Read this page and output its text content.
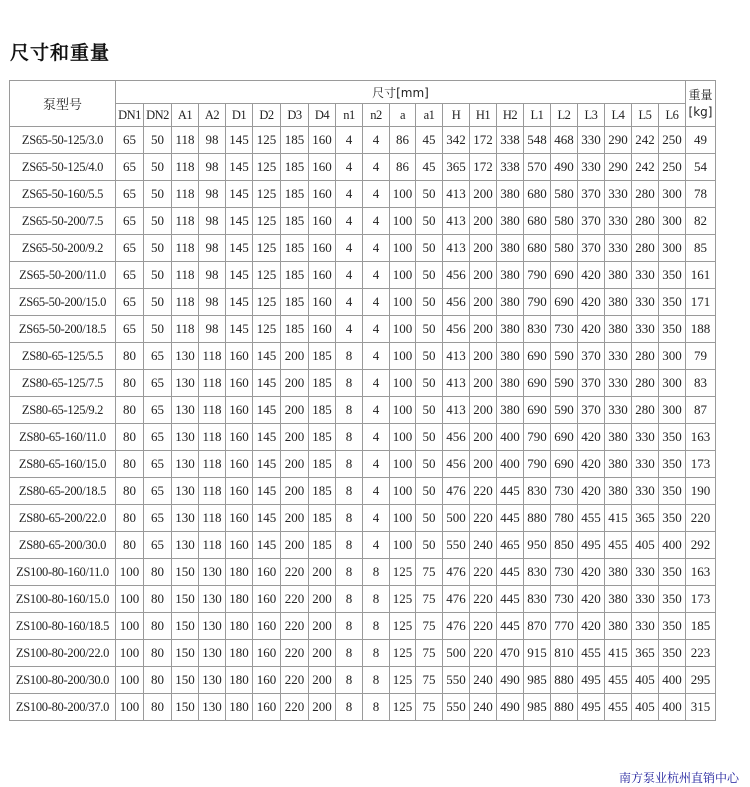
尺寸和重量
泵型号	尺寸[mm]																					重量
[kg]

	DN1	DN2	A1	A2	D1	D2	D3	D4	n1	n2	a	a1	H	H1	H2	L1	L2	L3	L4	L5	L6	
ZS65-50-125/3.0	65	50	118	98	145	125	185	160	4	4	86	45	342	172	338	548	468	330	290	242	250	49
ZS65-50-125/4.0	65	50	118	98	145	125	185	160	4	4	86	45	365	172	338	570	490	330	290	242	250	54
ZS65-50-160/5.5	65	50	118	98	145	125	185	160	4	4	100	50	413	200	380	680	580	370	330	280	300	78
ZS65-50-200/7.5	65	50	118	98	145	125	185	160	4	4	100	50	413	200	380	680	580	370	330	280	300	82
ZS65-50-200/9.2	65	50	118	98	145	125	185	160	4	4	100	50	413	200	380	680	580	370	330	280	300	85
ZS65-50-200/11.0	65	50	118	98	145	125	185	160	4	4	100	50	456	200	380	790	690	420	380	330	350	161
ZS65-50-200/15.0	65	50	118	98	145	125	185	160	4	4	100	50	456	200	380	790	690	420	380	330	350	171
ZS65-50-200/18.5	65	50	118	98	145	125	185	160	4	4	100	50	456	200	380	830	730	420	380	330	350	188
ZS80-65-125/5.5	80	65	130	118	160	145	200	185	8	4	100	50	413	200	380	690	590	370	330	280	300	79
ZS80-65-125/7.5	80	65	130	118	160	145	200	185	8	4	100	50	413	200	380	690	590	370	330	280	300	83
ZS80-65-125/9.2	80	65	130	118	160	145	200	185	8	4	100	50	413	200	380	690	590	370	330	280	300	87
ZS80-65-160/11.0	80	65	130	118	160	145	200	185	8	4	100	50	456	200	400	790	690	420	380	330	350	163
ZS80-65-160/15.0	80	65	130	118	160	145	200	185	8	4	100	50	456	200	400	790	690	420	380	330	350	173
ZS80-65-200/18.5	80	65	130	118	160	145	200	185	8	4	100	50	476	220	445	830	730	420	380	330	350	190
ZS80-65-200/22.0	80	65	130	118	160	145	200	185	8	4	100	50	500	220	445	880	780	455	415	365	350	220
ZS80-65-200/30.0	80	65	130	118	160	145	200	185	8	4	100	50	550	240	465	950	850	495	455	405	400	292
ZS100-80-160/11.0	100	80	150	130	180	160	220	200	8	8	125	75	476	220	445	830	730	420	380	330	350	163
ZS100-80-160/15.0	100	80	150	130	180	160	220	200	8	8	125	75	476	220	445	830	730	420	380	330	350	173
ZS100-80-160/18.5	100	80	150	130	180	160	220	200	8	8	125	75	476	220	445	870	770	420	380	330	350	185
ZS100-80-200/22.0	100	80	150	130	180	160	220	200	8	8	125	75	500	220	470	915	810	455	415	365	350	223
ZS100-80-200/30.0	100	80	150	130	180	160	220	200	8	8	125	75	550	240	490	985	880	495	455	405	400	295
ZS100-80-200/37.0	100	80	150	130	180	160	220	200	8	8	125	75	550	240	490	985	880	495	455	405	400	315
南方泵业杭州直销中心
